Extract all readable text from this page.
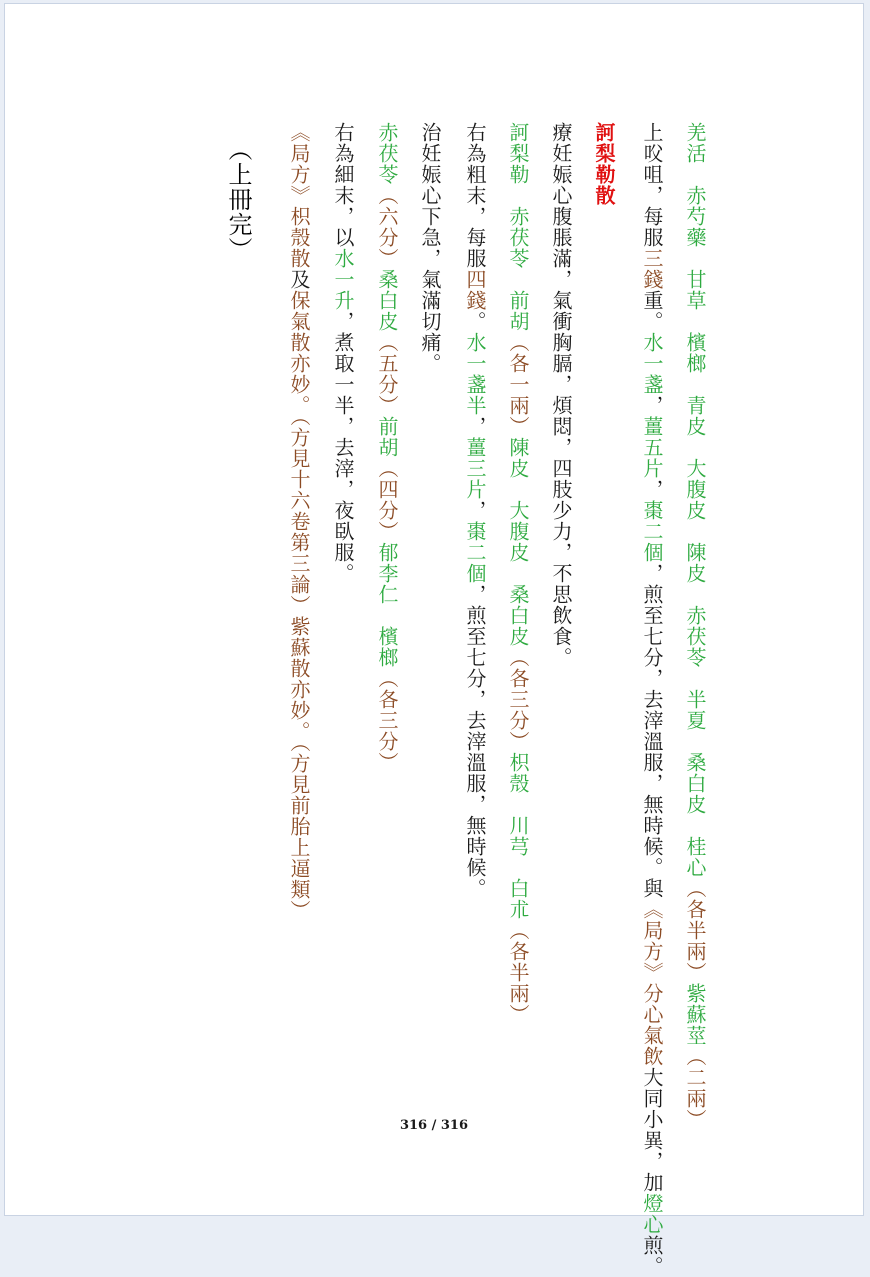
羌活　赤芍藥　甘草　檳榔　青皮　大腹皮　陳皮　赤茯苓　半夏　桑白皮　桂心（各半兩）紫蘇莖（二兩）
上㕮咀，每服三錢重。水一盞，薑五片，棗二個，煎至七分，去滓溫服，無時候。與《局方》分心氣飲大同小異，加燈心煎。
訶梨勒散
療妊娠心腹脹滿，氣衝胸膈，煩悶，四肢少力，不思飲食。
訶梨勒　赤茯苓　前胡（各一兩）陳皮　大腹皮　桑白皮（各三分）枳殼　川芎　白朮（各半兩）
右為粗末，每服四錢。水一盞半，薑三片，棗二個，煎至七分，去滓溫服，無時候。
治妊娠心下急，氣滿切痛。
赤茯苓（六分）桑白皮（五分）前胡（四分）郁李仁　檳榔（各三分）
右為細末，以水一升，煮取一半，去滓，夜臥服。
《局方》枳殼散及保氣散亦妙。（方見十六卷第三論）紫蘇散亦妙。（方見前胎上逼類）
（上冊完）
316 / 316
